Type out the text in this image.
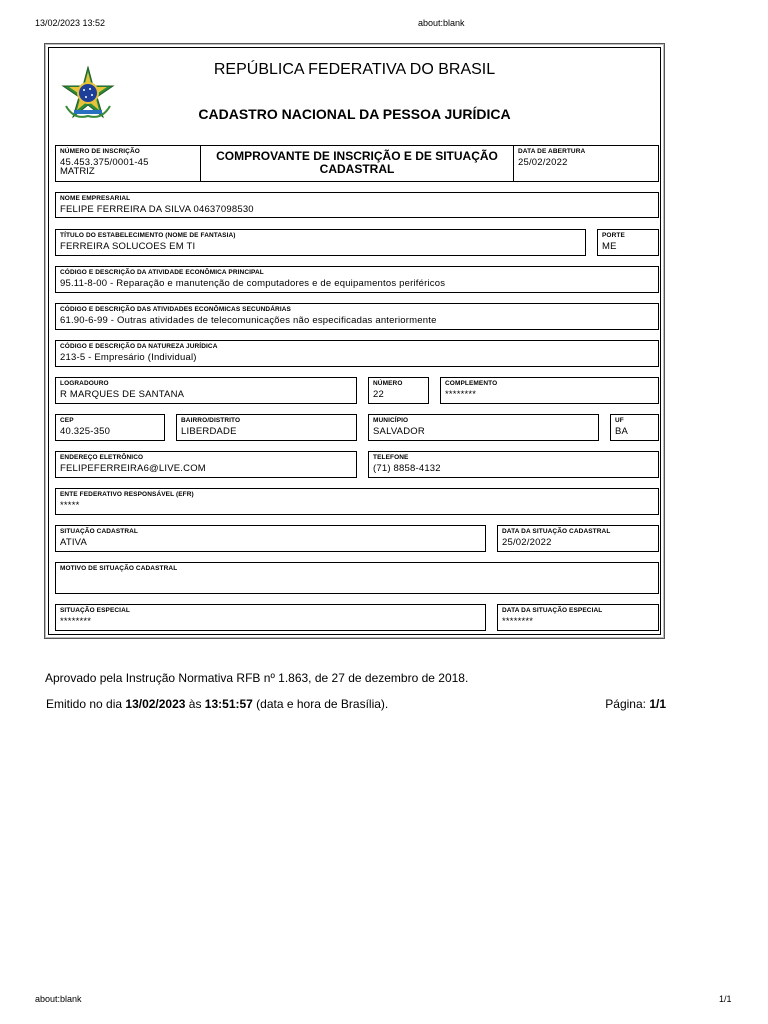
13/02/2023 13:52	about:blank
about:blank	1/1
REPÚBLICA FEDERATIVA DO BRASIL
CADASTRO NACIONAL DA PESSOA JURÍDICA
NÚMERO DE INSCRIÇÃO
45.453.375/0001-45
MATRIZ
COMPROVANTE DE INSCRIÇÃO E DE SITUAÇÃO
CADASTRAL
DATA DE ABERTURA
25/02/2022
NOME EMPRESARIAL
FELIPE FERREIRA DA SILVA 04637098530
TÍTULO DO ESTABELECIMENTO (NOME DE FANTASIA)
FERREIRA SOLUCOES EM TI
PORTE
ME
CÓDIGO E DESCRIÇÃO DA ATIVIDADE ECONÔMICA PRINCIPAL
95.11-8-00 - Reparação e manutenção de computadores e de equipamentos periféricos
CÓDIGO E DESCRIÇÃO DAS ATIVIDADES ECONÔMICAS SECUNDÁRIAS
61.90-6-99 - Outras atividades de telecomunicações não especificadas anteriormente
CÓDIGO E DESCRIÇÃO DA NATUREZA JURÍDICA
213-5 - Empresário (Individual)
LOGRADOURO
R MARQUES DE SANTANA
NÚMERO
22
COMPLEMENTO
********
CEP
40.325-350
BAIRRO/DISTRITO
LIBERDADE
MUNICÍPIO
SALVADOR
UF
BA
ENDEREÇO ELETRÔNICO
FELIPEFERREIRA6@LIVE.COM
TELEFONE
(71) 8858-4132
ENTE FEDERATIVO RESPONSÁVEL (EFR)
*****
SITUAÇÃO CADASTRAL
ATIVA
DATA DA SITUAÇÃO CADASTRAL
25/02/2022
MOTIVO DE SITUAÇÃO CADASTRAL
SITUAÇÃO ESPECIAL
********
DATA DA SITUAÇÃO ESPECIAL
********
Aprovado pela Instrução Normativa RFB nº 1.863, de 27 de dezembro de 2018.
Emitido no dia 13/02/2023 às 13:51:57 (data e hora de Brasília).	Página: 1/1
